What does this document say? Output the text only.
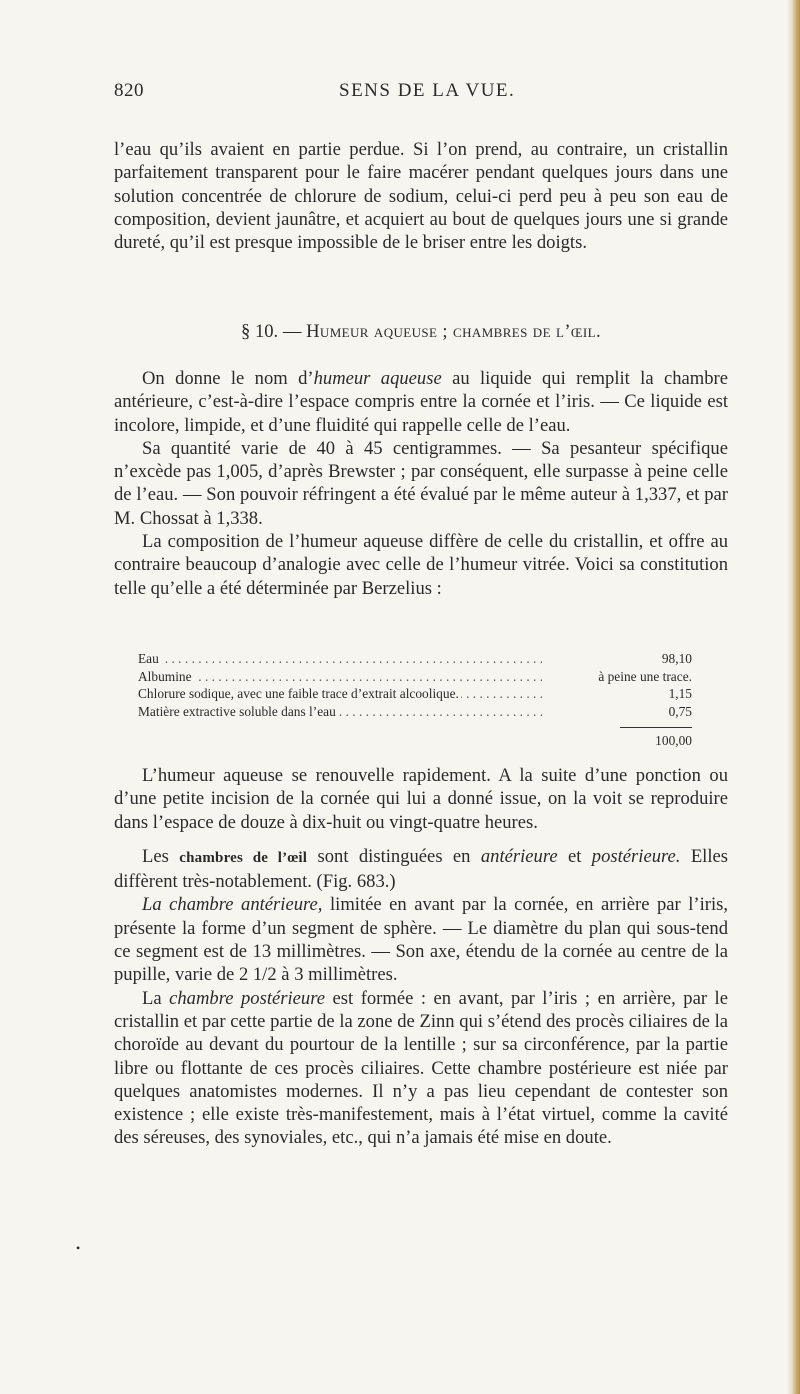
820	SENS DE LA VUE.

l’eau qu’ils avaient en partie perdue. Si l’on prend, au contraire, un cristallin parfaitement transparent pour le faire macérer pendant quelques jours dans une solution concentrée de chlorure de sodium, celui-ci perd peu à peu son eau de composition, devient jaunâtre, et acquiert au bout de quelques jours une si grande dureté, qu’il est presque impossible de le briser entre les doigts.

§ 10. — Humeur aqueuse ; chambres de l’œil.

On donne le nom d’humeur aqueuse au liquide qui remplit la chambre antérieure, c’est-à-dire l’espace compris entre la cornée et l’iris. — Ce liquide est incolore, limpide, et d’une fluidité qui rappelle celle de l’eau.

Sa quantité varie de 40 à 45 centigrammes. — Sa pesanteur spécifique n’excède pas 1,005, d’après Brewster ; par conséquent, elle surpasse à peine celle de l’eau. — Son pouvoir réfringent a été évalué par le même auteur à 1,337, et par M. Chossat à 1,338.

La composition de l’humeur aqueuse diffère de celle du cristallin, et offre au contraire beaucoup d’analogie avec celle de l’humeur vitrée. Voici sa constitution telle qu’elle a été déterminée par Berzelius :

Eau . . .	98,10
Albumine . . .	à peine une trace.
Chlorure sodique, avec une faible trace d’extrait alcoolique. . . .	1,15
Matière extractive soluble dans l’eau . . .	0,75
100,00

L’humeur aqueuse se renouvelle rapidement. A la suite d’une ponction ou d’une petite incision de la cornée qui lui a donné issue, on la voit se reproduire dans l’espace de douze à dix-huit ou vingt-quatre heures.

Les chambres de l’œil sont distinguées en antérieure et postérieure. Elles diffèrent très-notablement. (Fig. 683.)

La chambre antérieure, limitée en avant par la cornée, en arrière par l’iris, présente la forme d’un segment de sphère. — Le diamètre du plan qui sous-tend ce segment est de 13 millimètres. — Son axe, étendu de la cornée au centre de la pupille, varie de 2 1/2 à 3 millimètres.

La chambre postérieure est formée : en avant, par l’iris ; en arrière, par le cristallin et par cette partie de la zone de Zinn qui s’étend des procès ciliaires de la choroïde au devant du pourtour de la lentille ; sur sa circonférence, par la partie libre ou flottante de ces procès ciliaires. Cette chambre postérieure est niée par quelques anatomistes modernes. Il n’y a pas lieu cependant de contester son existence ; elle existe très-manifestement, mais à l’état virtuel, comme la cavité des séreuses, des synoviales, etc., qui n’a jamais été mise en doute.

•
